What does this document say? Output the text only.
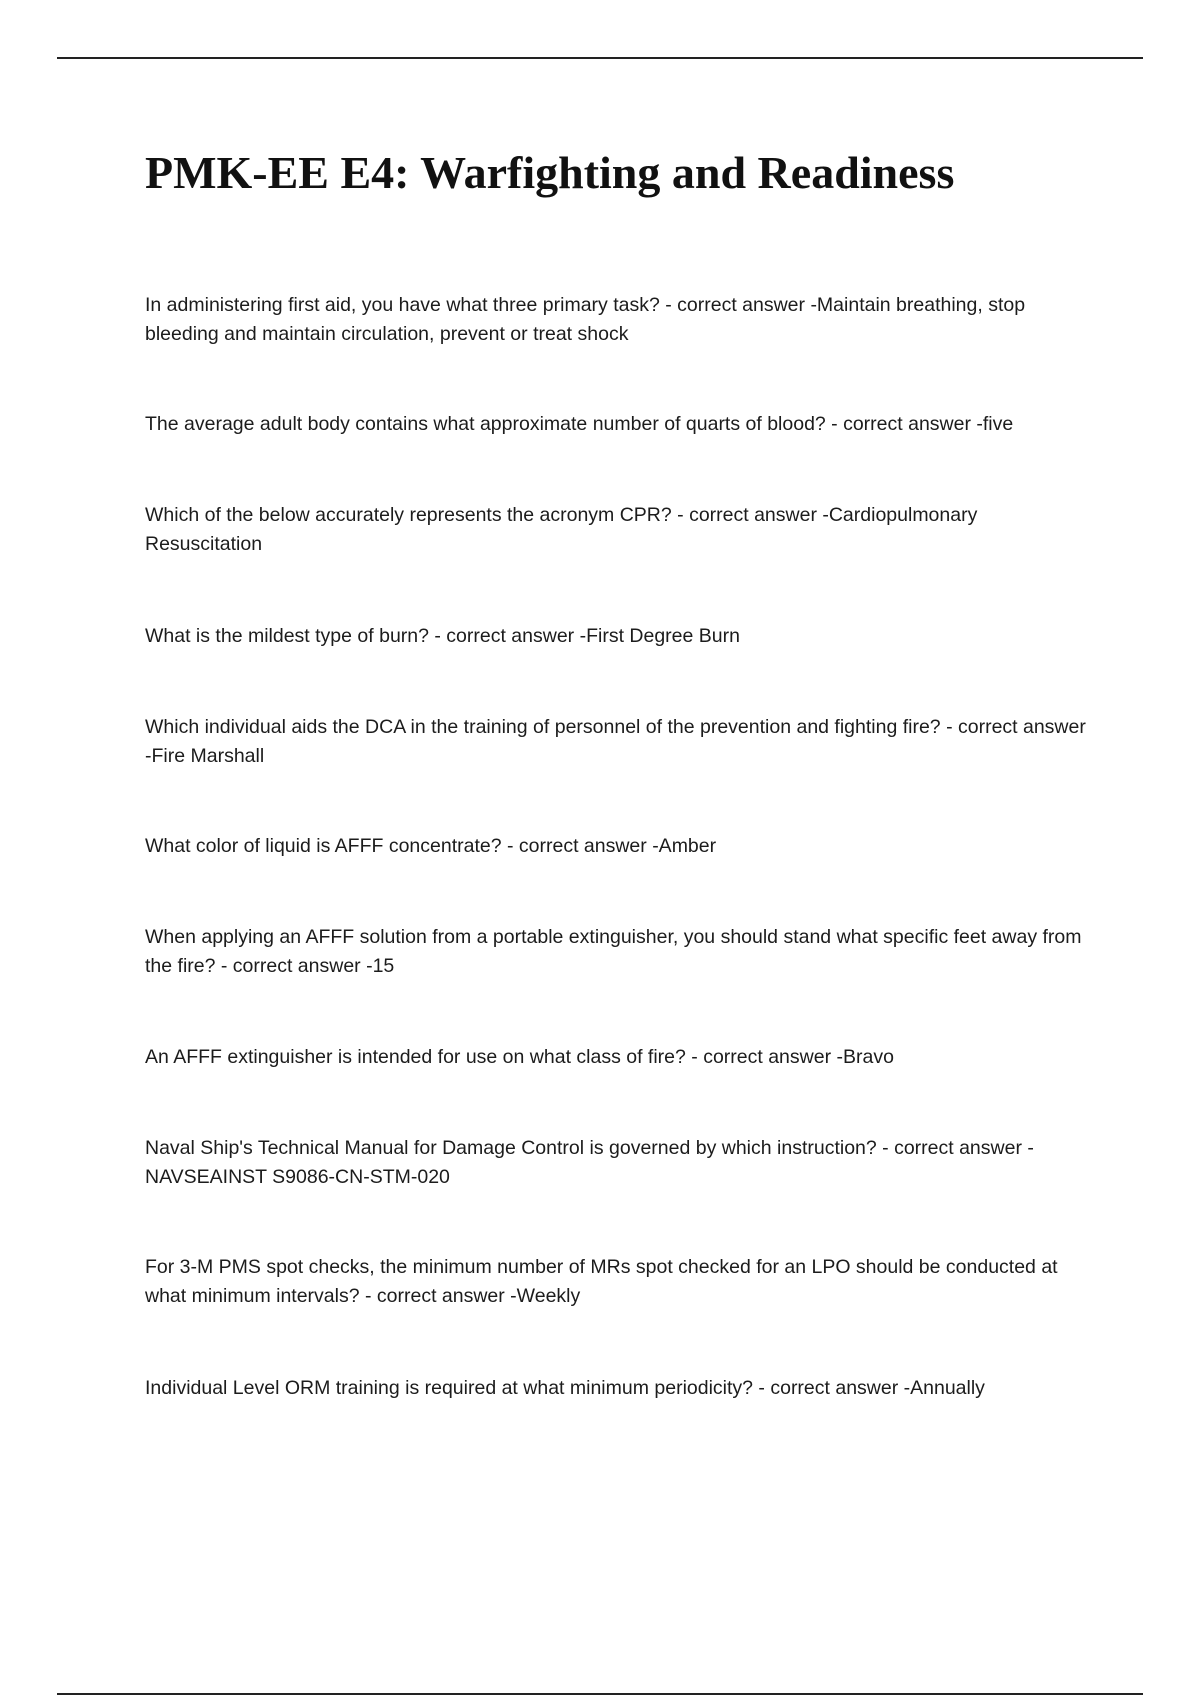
PMK-EE E4: Warfighting and Readiness

In administering first aid, you have what three primary task? - correct answer -Maintain breathing, stop bleeding and maintain circulation, prevent or treat shock

The average adult body contains what approximate number of quarts of blood? - correct answer -five

Which of the below accurately represents the acronym CPR? - correct answer -Cardiopulmonary Resuscitation

What is the mildest type of burn? - correct answer -First Degree Burn

Which individual aids the DCA in the training of personnel of the prevention and fighting fire? - correct answer -Fire Marshall

What color of liquid is AFFF concentrate? - correct answer -Amber

When applying an AFFF solution from a portable extinguisher, you should stand what specific feet away from the fire? - correct answer -15

An AFFF extinguisher is intended for use on what class of fire? - correct answer -Bravo

Naval Ship's Technical Manual for Damage Control is governed by which instruction? - correct answer -NAVSEAINST S9086-CN-STM-020

For 3-M PMS spot checks, the minimum number of MRs spot checked for an LPO should be conducted at what minimum intervals? - correct answer -Weekly

Individual Level ORM training is required at what minimum periodicity? - correct answer -Annually
